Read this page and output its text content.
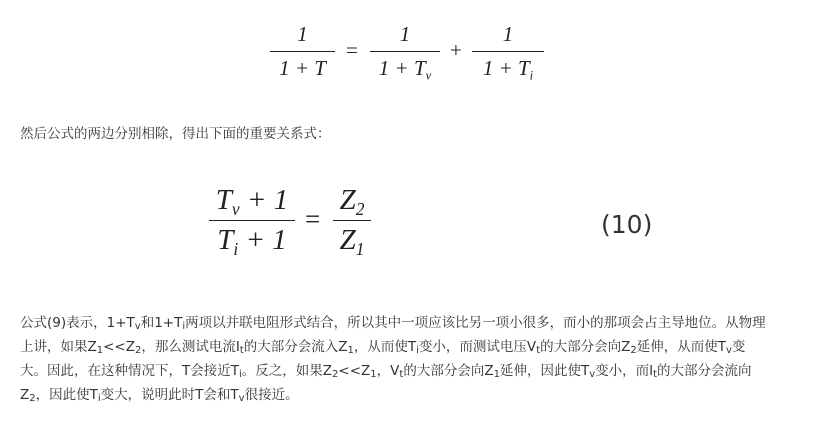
1
1 + T
=
1
$1 + T_v$
+
1
$1 + T_i$
然后公式的两边分别相除，得出下面的重要关系式：
$T_v + 1$
$T_i + 1$
=
$Z_2$
$Z_1$
(10)
公式(9)表示，$1+T_v$和$1+T_i$两项以并联电阻形式结合，所以其中一项应该比另一项小很多，而小的那项会占主导地位。从物理
上讲，如果$Z_1<<Z_2$，那么测试电流$I_t$的大部分会流入$Z_1$，从而使$T_i$变小，而测试电压$V_t$的大部分会向$Z_2$延伸，从而使$T_v$变
大。因此，在这种情况下，T会接近$T_i$。反之，如果$Z_2<<Z_1$，$V_t$的大部分会向$Z_1$延伸，因此使$T_v$变小，而$I_t$的大部分会流向
$Z_2$，因此使$T_i$变大，说明此时T会和$T_v$很接近。
